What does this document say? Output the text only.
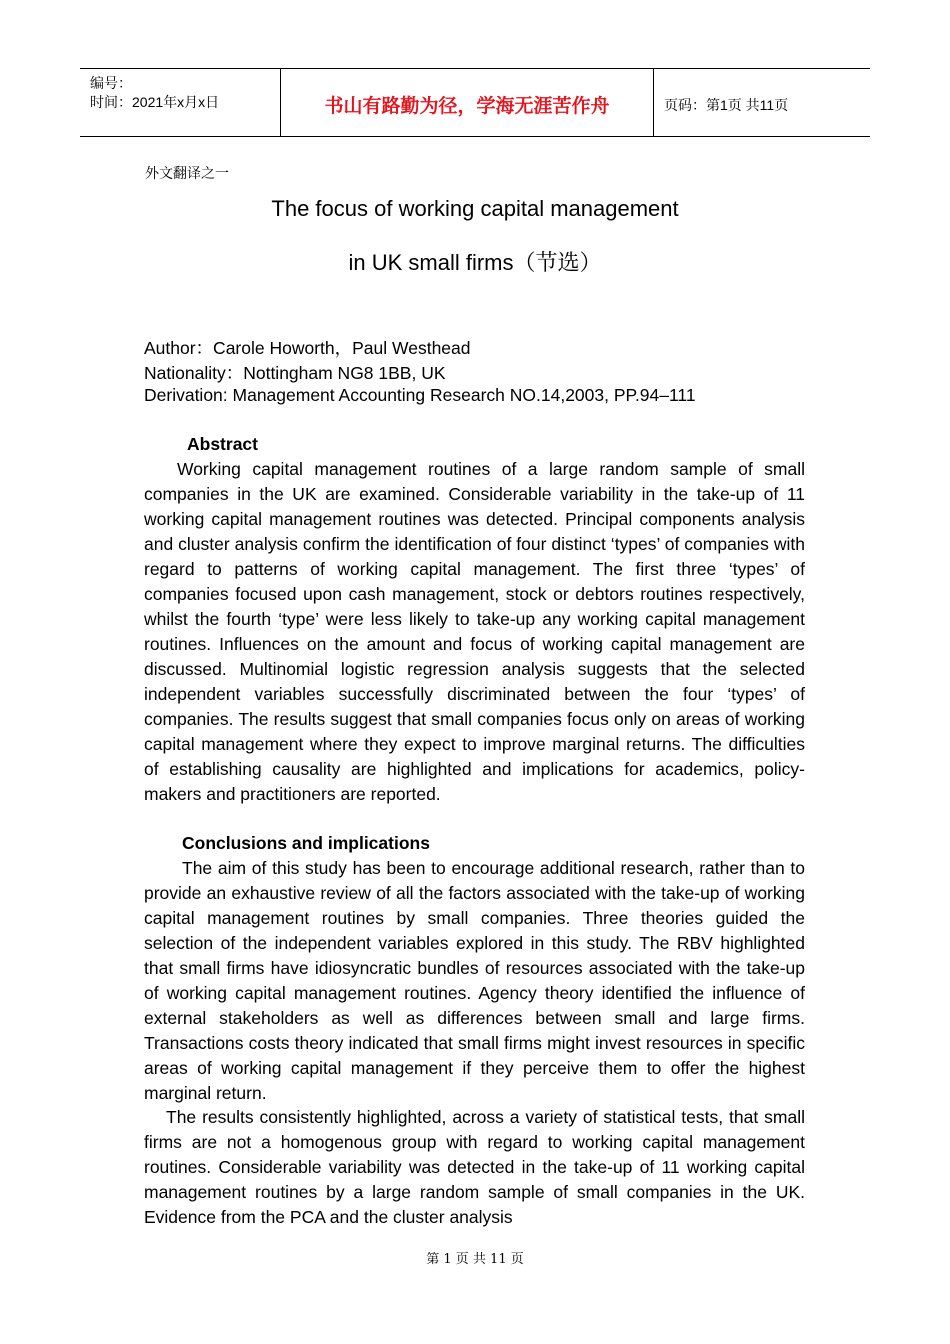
编号：
时间：2021年x月x日	书山有路勤为径，学海无涯苦作舟	页码：第1页 共11页
外文翻译之一
The focus of working capital management
in UK small firms（节选）
Author：Carole Howorth，Paul Westhead
Nationality：Nottingham NG8 1BB, UK
Derivation: Management Accounting Research NO.14,2003, PP.94–111
Abstract
Working capital management routines of a large random sample of small companies in the UK are examined. Considerable variability in the take-up of 11 working capital management routines was detected. Principal components analysis and cluster analysis confirm the identification of four distinct ‘types’ of companies with regard to patterns of working capital management. The first three ‘types’ of companies focused upon cash management, stock or debtors routines respectively, whilst the fourth ‘type’ were less likely to take-up any working capital management routines. Influences on the amount and focus of working capital management are discussed. Multinomial logistic regression analysis suggests that the selected independent variables successfully discriminated between the four ‘types’ of companies. The results suggest that small companies focus only on areas of working capital management where they expect to improve marginal returns. The difficulties of establishing causality are highlighted and implications for academics, policy-makers and practitioners are reported.
Conclusions and implications
The aim of this study has been to encourage additional research, rather than to provide an exhaustive review of all the factors associated with the take-up of working capital management routines by small companies. Three theories guided the selection of the independent variables explored in this study. The RBV highlighted that small firms have idiosyncratic bundles of resources associated with the take-up of working capital management routines. Agency theory identified the influence of external stakeholders as well as differences between small and large firms. Transactions costs theory indicated that small firms might invest resources in specific areas of working capital management if they perceive them to offer the highest marginal return.
The results consistently highlighted, across a variety of statistical tests, that small firms are not a homogenous group with regard to working capital management routines. Considerable variability was detected in the take-up of 11 working capital management routines by a large random sample of small companies in the UK. Evidence from the PCA and the cluster analysis
第 1 页 共 11 页
